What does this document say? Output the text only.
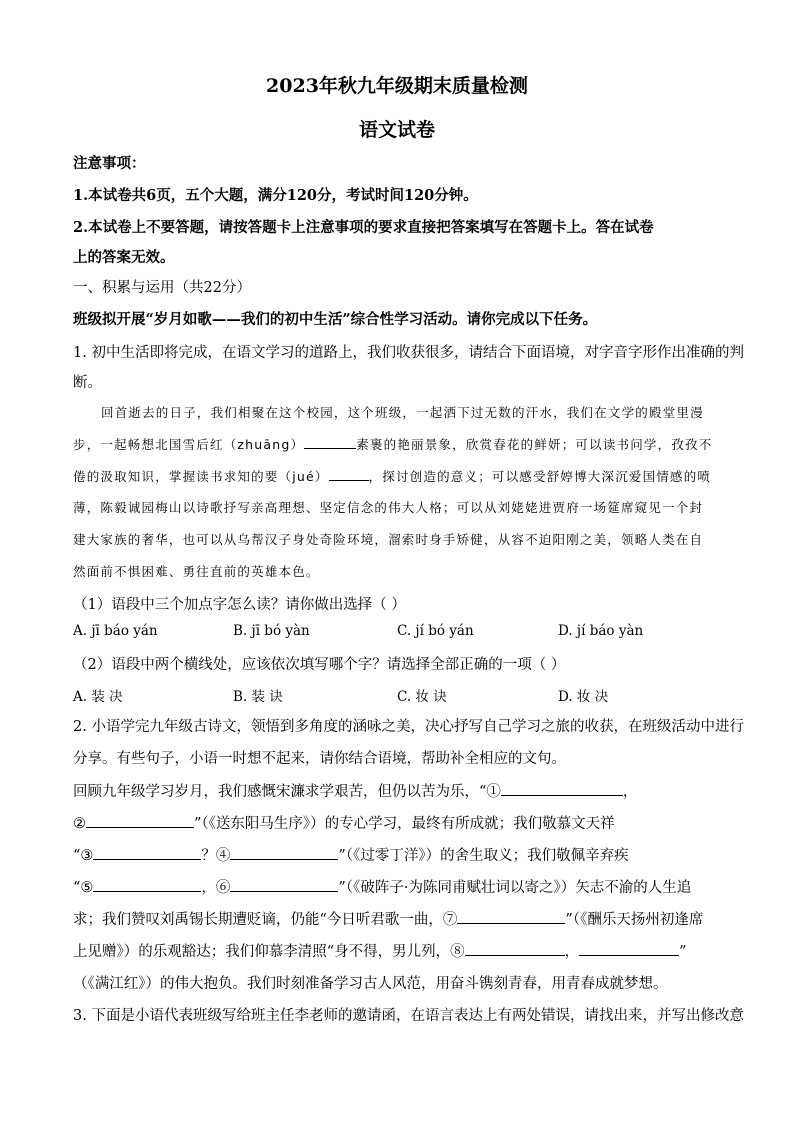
2023年秋九年级期末质量检测
语文试卷
注意事项：
1.本试卷共6页，五个大题，满分120分，考试时间120分钟。
2.本试卷上不要答题，请按答题卡上注意事项的要求直接把答案填写在答题卡上。答在试卷
上的答案无效。
一、积累与运用（共22分）
班级拟开展“岁月如歌——我们的初中生活”综合性学习活动。请你完成以下任务。
1. 初中生活即将完成，在语文学习的道路上，我们收获很多，请结合下面语境，对字音字形作出准确的判
断。
回首逝去的日子，我们相聚在这个校园，这个班级，一起洒下过无数的汗水，我们在文学的殿堂里漫
步，一起畅想北国雪后红（zhuāng）	素裹的艳丽景象，欣赏春花的鲜妍；可以读书问学，孜孜不
倦的汲取知识，掌握读书求知的要（jué）	，探讨创造的意义；可以感受舒婷博大深沉爱国情感的喷
薄，陈毅诚园梅山以诗歌抒写亲高理想、坚定信念的伟大人格；可以从刘姥姥进贾府一场筵席窥见一个封
建大家族的奢华，也可以从乌帮汉子身处奇险环境，溜索时身手矫健，从容不迫阳刚之美，领略人类在自
然面前不惧困难、勇往直前的英雄本色。
（1）语段中三个加点字怎么读？请你做出选择（ ）
A. jī báo yán	B. jī bó yàn	C. jí bó yán	D. jí báo yàn
（2）语段中两个横线处，应该依次填写哪个字？请选择全部正确的一项（ ）
A. 装 决	B. 装 诀	C. 妆 诀	D. 妆 决
2. 小语学完九年级古诗文，领悟到多角度的涵咏之美，决心抒写自己学习之旅的收获，在班级活动中进行
分享。有些句子，小语一时想不起来，请你结合语境，帮助补全相应的文句。
回顾九年级学习岁月，我们感慨宋濂求学艰苦，但仍以苦为乐，“①	，
②	”（《送东阳马生序》）的专心学习，最终有所成就；我们敬慕文天祥
“③	？④	”（《过零丁洋》）的舍生取义；我们敬佩辛弃疾
“⑤	，⑥	”（《破阵子·为陈同甫赋壮词以寄之》）矢志不渝的人生追
求；我们赞叹刘禹锡长期遭贬谪，仍能“今日听君歌一曲，⑦	”（《酬乐天扬州初逢席
上见赠》）的乐观豁达；我们仰慕李清照“身不得，男儿列，⑧	，	”
（《满江红》）的伟大抱负。我们时刻准备学习古人风范，用奋斗镌刻青春，用青春成就梦想。
3. 下面是小语代表班级写给班主任李老师的邀请函，在语言表达上有两处错误，请找出来，并写出修改意
